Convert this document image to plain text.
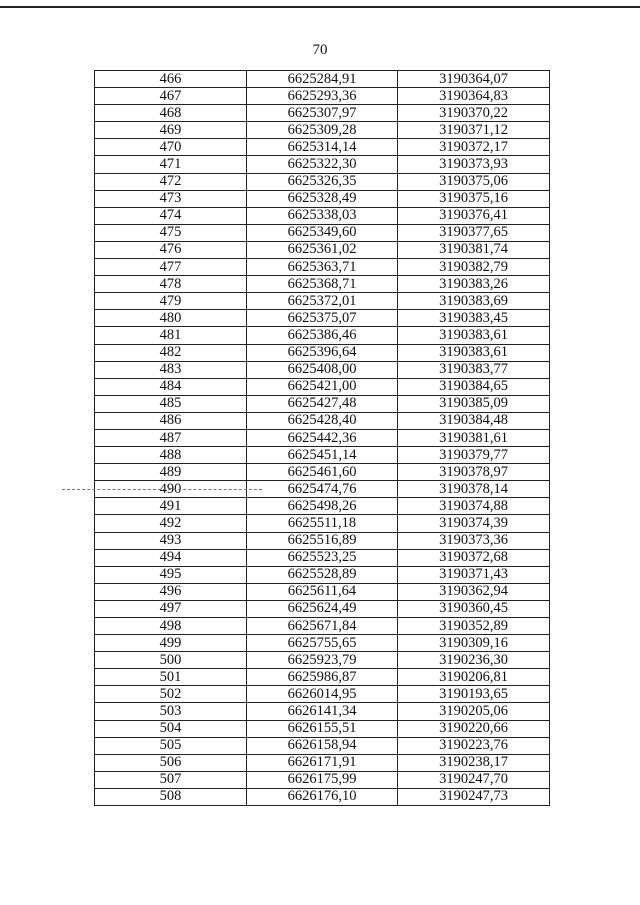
70
466	6625284,91	3190364,07
467	6625293,36	3190364,83
468	6625307,97	3190370,22
469	6625309,28	3190371,12
470	6625314,14	3190372,17
471	6625322,30	3190373,93
472	6625326,35	3190375,06
473	6625328,49	3190375,16
474	6625338,03	3190376,41
475	6625349,60	3190377,65
476	6625361,02	3190381,74
477	6625363,71	3190382,79
478	6625368,71	3190383,26
479	6625372,01	3190383,69
480	6625375,07	3190383,45
481	6625386,46	3190383,61
482	6625396,64	3190383,61
483	6625408,00	3190383,77
484	6625421,00	3190384,65
485	6625427,48	3190385,09
486	6625428,40	3190384,48
487	6625442,36	3190381,61
488	6625451,14	3190379,77
489	6625461,60	3190378,97
490	6625474,76	3190378,14
491	6625498,26	3190374,88
492	6625511,18	3190374,39
493	6625516,89	3190373,36
494	6625523,25	3190372,68
495	6625528,89	3190371,43
496	6625611,64	3190362,94
497	6625624,49	3190360,45
498	6625671,84	3190352,89
499	6625755,65	3190309,16
500	6625923,79	3190236,30
501	6625986,87	3190206,81
502	6626014,95	3190193,65
503	6626141,34	3190205,06
504	6626155,51	3190220,66
505	6626158,94	3190223,76
506	6626171,91	3190238,17
507	6626175,99	3190247,70
508	6626176,10	3190247,73
